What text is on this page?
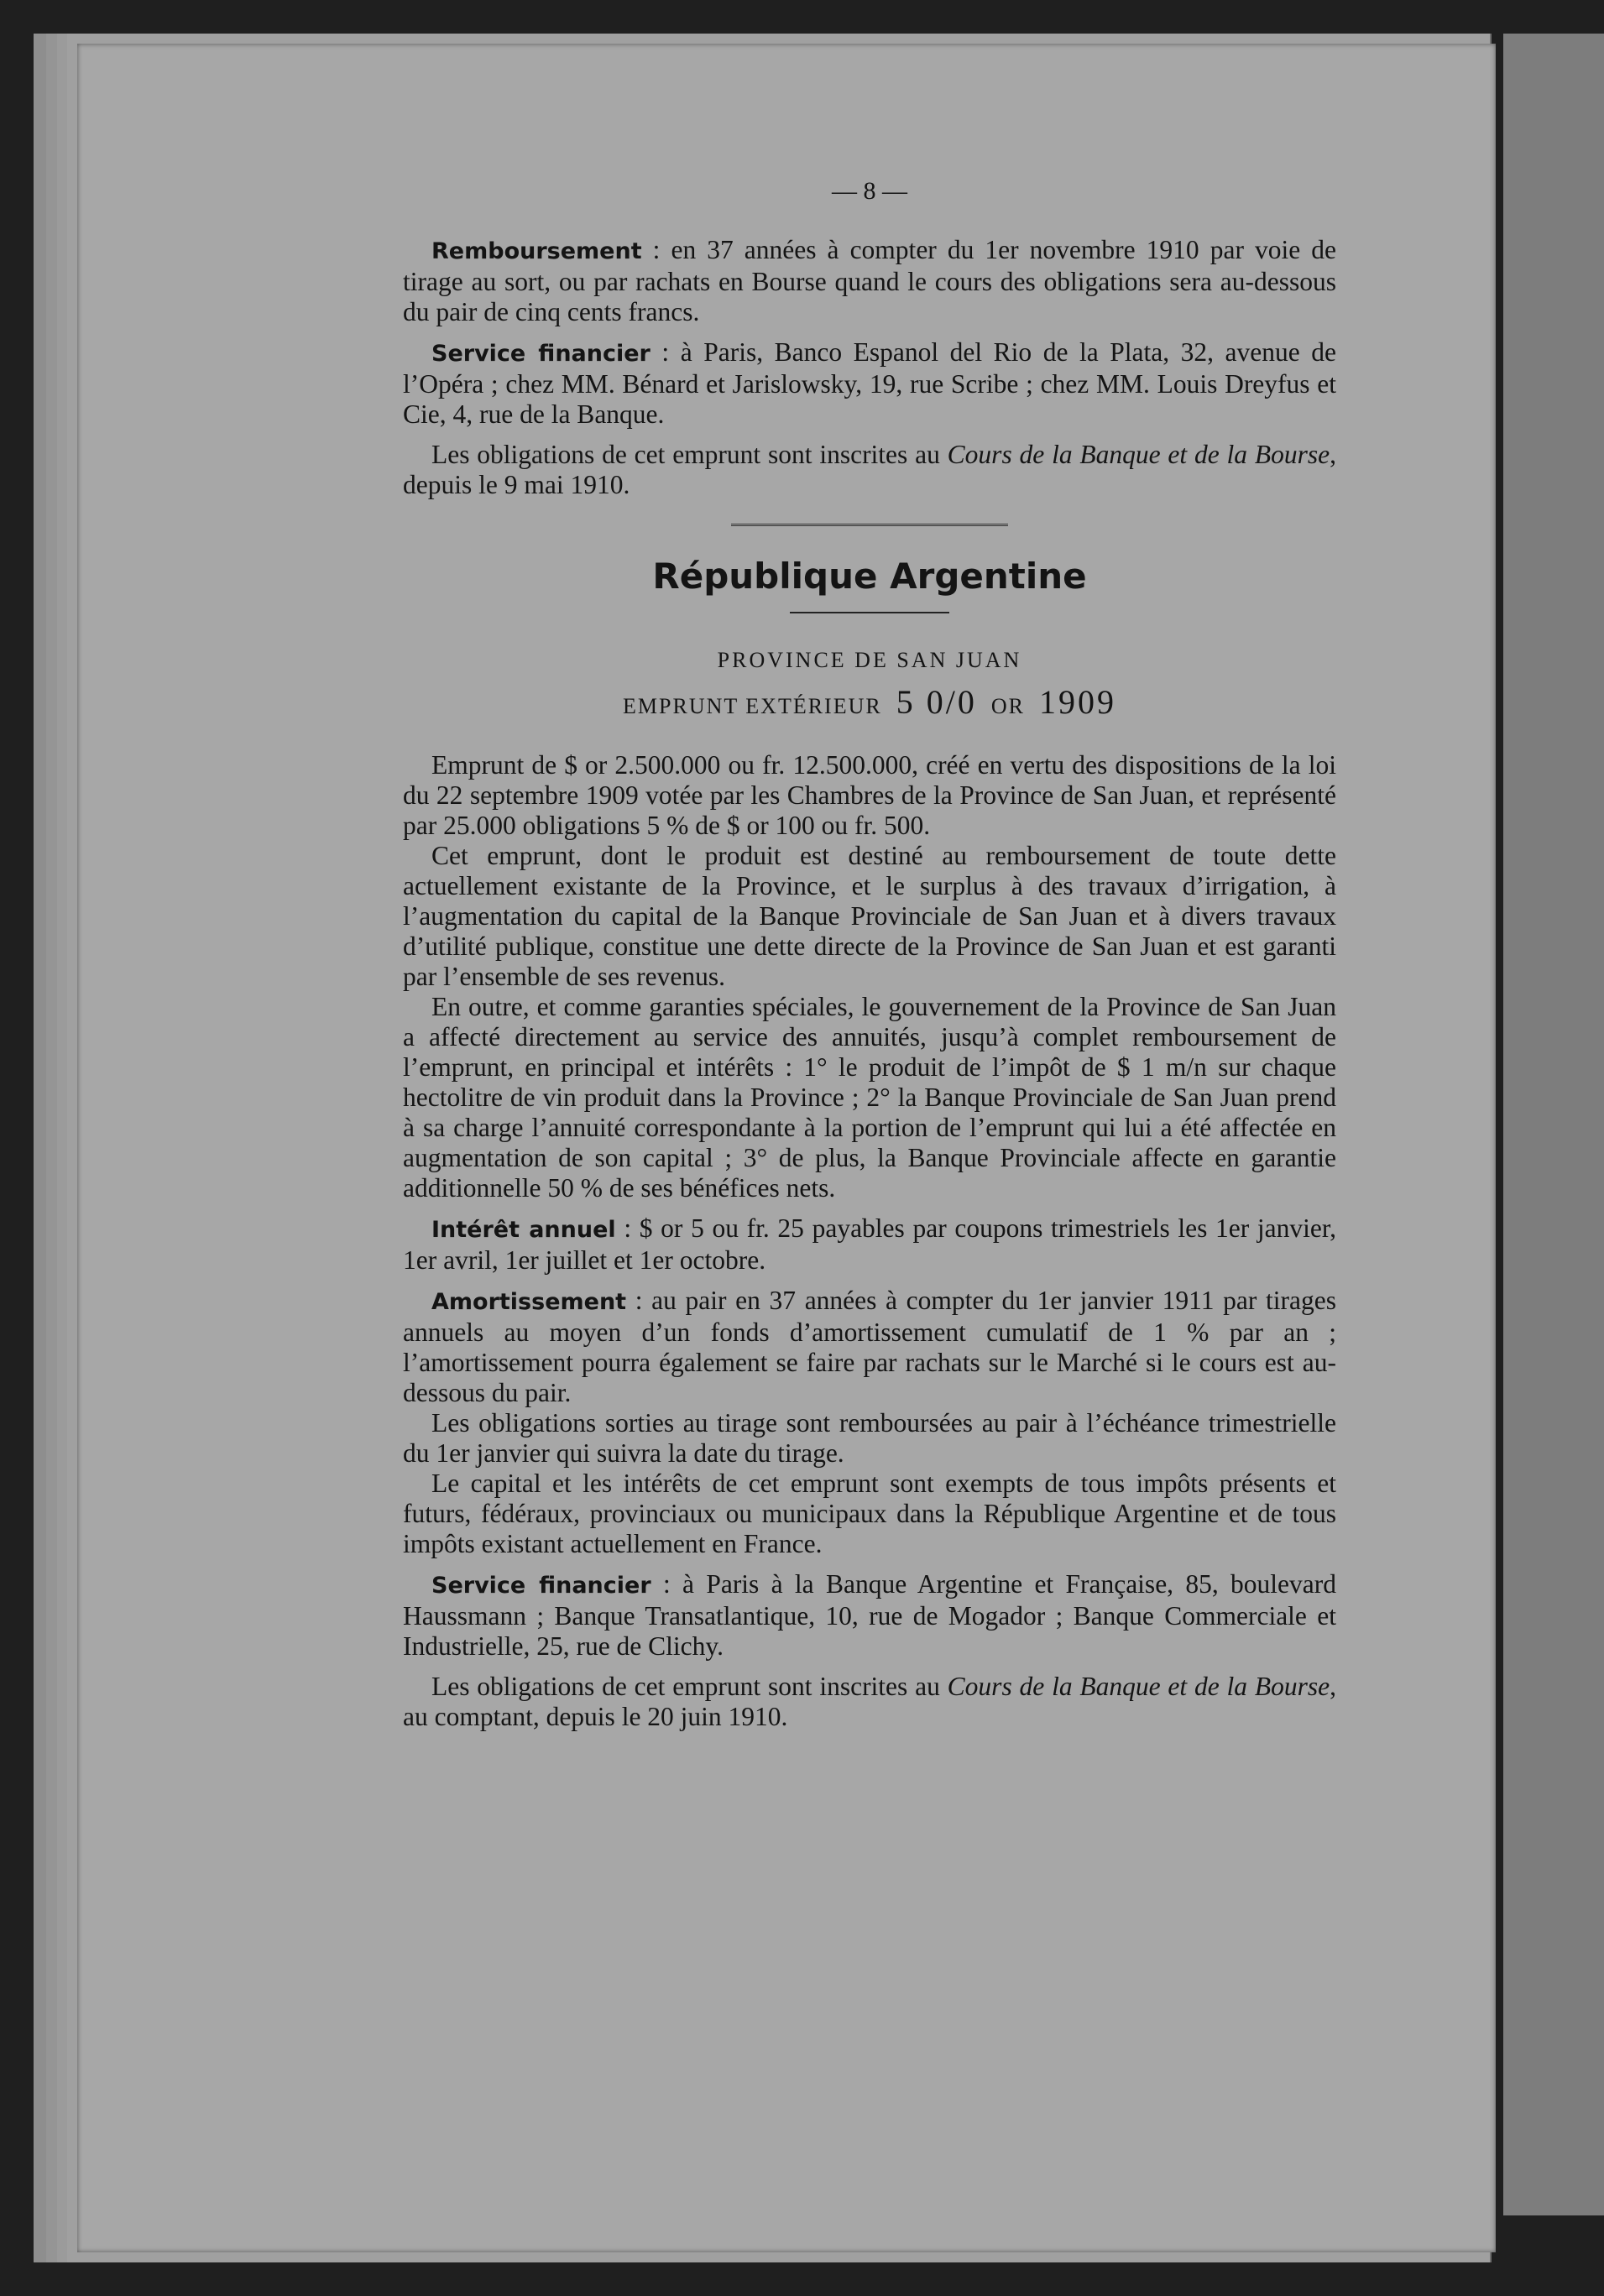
— 8 —

Remboursement : en 37 années à compter du 1er novembre 1910 par voie de tirage au sort, ou par rachats en Bourse quand le cours des obligations sera au-dessous du pair de cinq cents francs.

Service financier : à Paris, Banco Espanol del Rio de la Plata, 32, avenue de l’Opéra ; chez MM. Bénard et Jarislowsky, 19, rue Scribe ; chez MM. Louis Dreyfus et Cie, 4, rue de la Banque.

Les obligations de cet emprunt sont inscrites au Cours de la Banque et de la Bourse, depuis le 9 mai 1910.

République Argentine
PROVINCE DE SAN JUAN
EMPRUNT EXTÉRIEUR 5 0/0 OR 1909

Emprunt de $ or 2.500.000 ou fr. 12.500.000, créé en vertu des dispositions de la loi du 22 septembre 1909 votée par les Chambres de la Province de San Juan, et représenté par 25.000 obligations 5 % de $ or 100 ou fr. 500.

Cet emprunt, dont le produit est destiné au remboursement de toute dette actuellement existante de la Province, et le surplus à des travaux d’irrigation, à l’augmentation du capital de la Banque Provinciale de San Juan et à divers travaux d’utilité publique, constitue une dette directe de la Province de San Juan et est garanti par l’ensemble de ses revenus.

En outre, et comme garanties spéciales, le gouvernement de la Province de San Juan a affecté directement au service des annuités, jusqu’à complet remboursement de l’emprunt, en principal et intérêts : 1° le produit de l’impôt de $ 1 m/n sur chaque hectolitre de vin produit dans la Province ; 2° la Banque Provinciale de San Juan prend à sa charge l’annuité correspondante à la portion de l’emprunt qui lui a été affectée en augmentation de son capital ; 3° de plus, la Banque Provinciale affecte en garantie additionnelle 50 % de ses bénéfices nets.

Intérêt annuel : $ or 5 ou fr. 25 payables par coupons trimestriels les 1er janvier, 1er avril, 1er juillet et 1er octobre.

Amortissement : au pair en 37 années à compter du 1er janvier 1911 par tirages annuels au moyen d’un fonds d’amortissement cumulatif de 1 % par an ; l’amortissement pourra également se faire par rachats sur le Marché si le cours est au-dessous du pair.

Les obligations sorties au tirage sont remboursées au pair à l’échéance trimestrielle du 1er janvier qui suivra la date du tirage.

Le capital et les intérêts de cet emprunt sont exempts de tous impôts présents et futurs, fédéraux, provinciaux ou municipaux dans la République Argentine et de tous impôts existant actuellement en France.

Service financier : à Paris à la Banque Argentine et Française, 85, boulevard Haussmann ; Banque Transatlantique, 10, rue de Mogador ; Banque Commerciale et Industrielle, 25, rue de Clichy.

Les obligations de cet emprunt sont inscrites au Cours de la Banque et de la Bourse, au comptant, depuis le 20 juin 1910.
